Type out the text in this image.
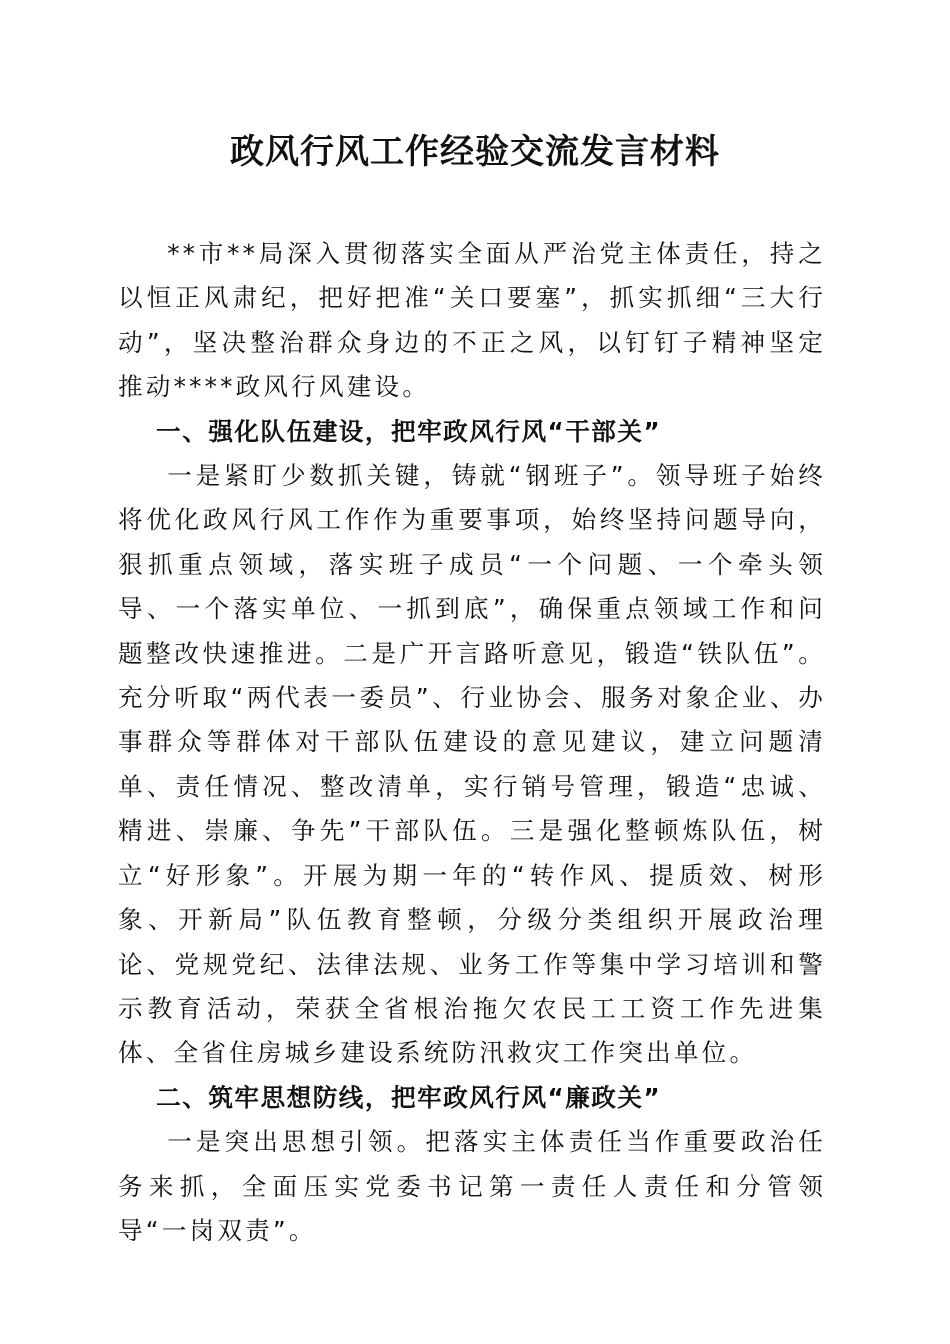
政风行风工作经验交流发言材料

**市**局深入贯彻落实全面从严治党主体责任，持之以恒正风肃纪，把好把准“关口要塞”，抓实抓细“三大行动”，坚决整治群众身边的不正之风，以钉钉子精神坚定推动****政风行风建设。

一、强化队伍建设，把牢政风行风“干部关”

一是紧盯少数抓关键，铸就“钢班子”。领导班子始终将优化政风行风工作作为重要事项，始终坚持问题导向，狠抓重点领域，落实班子成员“一个问题、一个牵头领导、一个落实单位、一抓到底”，确保重点领域工作和问题整改快速推进。二是广开言路听意见，锻造“铁队伍”。充分听取“两代表一委员”、行业协会、服务对象企业、办事群众等群体对干部队伍建设的意见建议，建立问题清单、责任情况、整改清单，实行销号管理，锻造“忠诚、精进、崇廉、争先”干部队伍。三是强化整顿炼队伍，树立“好形象”。开展为期一年的“转作风、提质效、树形象、开新局”队伍教育整顿，分级分类组织开展政治理论、党规党纪、法律法规、业务工作等集中学习培训和警示教育活动，荣获全省根治拖欠农民工工资工作先进集体、全省住房城乡建设系统防汛救灾工作突出单位。

二、筑牢思想防线，把牢政风行风“廉政关”

一是突出思想引领。把落实主体责任当作重要政治任务来抓，全面压实党委书记第一责任人责任和分管领导“一岗双责”。
